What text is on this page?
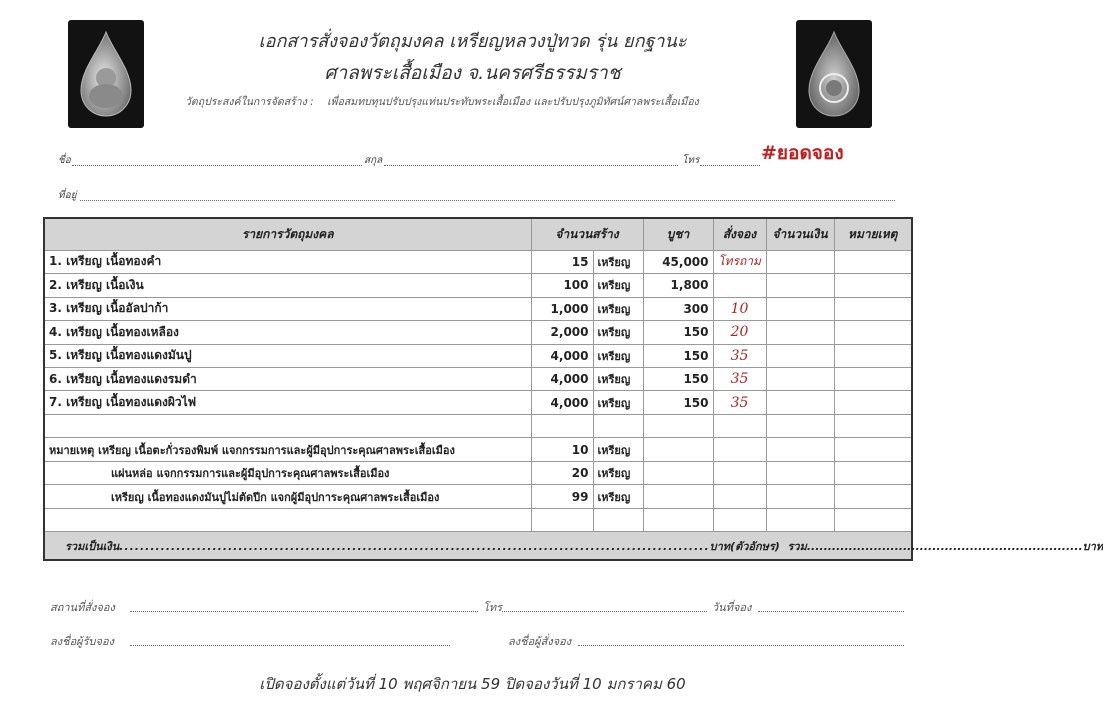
เอกสารสั่งจองวัตถุมงคล เหรียญหลวงปู่ทวด รุ่น ยกฐานะ
ศาลพระเสื้อเมือง จ.นครศรีธรรมราช
วัตถุประสงค์ในการจัดสร้าง : เพื่อสมทบทุนปรับปรุงแท่นประทับพระเสื้อเมือง และปรับปรุงภูมิทัศน์ศาลพระเสื้อเมือง
#ยอดจอง
ชื่อ	สกุล	โทร
ที่อยู่
รายการวัตถุมงคล	จำนวนสร้าง		บูชา	สั่งจอง	จำนวนเงิน	หมายเหตุ
1. เหรียญ เนื้อทองคำ	15	เหรียญ	45,000	โทรถาม		
2. เหรียญ เนื้อเงิน	100	เหรียญ	1,800			
3. เหรียญ เนื้ออัลปาก้า	1,000	เหรียญ	300	10		
4. เหรียญ เนื้อทองเหลือง	2,000	เหรียญ	150	20		
5. เหรียญ เนื้อทองแดงมันปู	4,000	เหรียญ	150	35		
6. เหรียญ เนื้อทองแดงรมดำ	4,000	เหรียญ	150	35		
7. เหรียญ เนื้อทองแดงผิวไฟ	4,000	เหรียญ	150	35		

หมายเหตุ เหรียญ เนื้อตะกั่วรองพิมพ์ แจกกรรมการและผู้มีอุปการะคุณศาลพระเสื้อเมือง	10	เหรียญ				
แผ่นหล่อ แจกกรรมการและผู้มีอุปการะคุณศาลพระเสื้อเมือง	20	เหรียญ				
เหรียญ เนื้อทองแดงมันปูไม่ตัดปีก แจกผู้มีอุปการะคุณศาลพระเสื้อเมือง	99	เหรียญ				

รวมเป็นเงิน..................................................................................................................บาท(ตัวอักษร) รวม..................................................................บาท						
สถานที่สั่งจอง	โทร	วันที่จอง
ลงชื่อผู้รับจอง	ลงชื่อผู้สั่งจอง
เปิดจองตั้งแต่วันที่ 10 พฤศจิกายน 59 ปิดจองวันที่ 10 มกราคม 60
